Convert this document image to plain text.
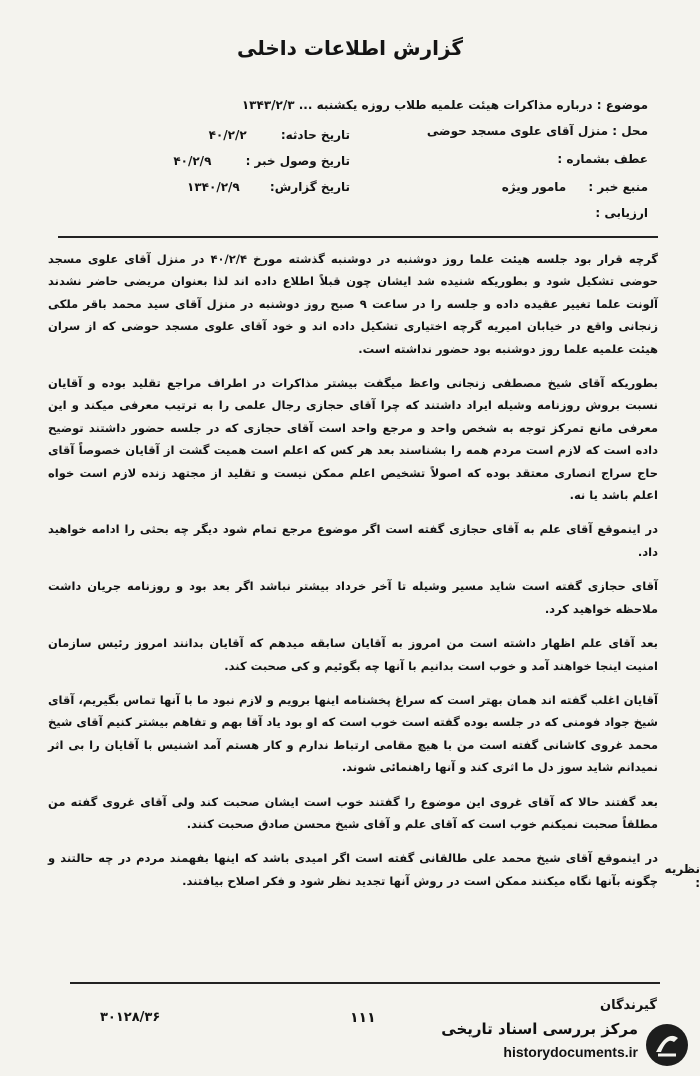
گزارش اطلاعات داخلی
موضوع : درباره مذاکرات هیئت علمیه طلاب روزه یکشنبه ... ۱۳۴۳/۲/۳
محل : منزل آقای علوی مسجد حوضی
تاریخ حادثه: ۴۰/۲/۲
عطف بشماره :
تاریخ وصول خبر : ۴۰/۲/۹
منبع خبر : مامور ویژه
تاریخ گزارش: ۱۳۴۰/۲/۹
ارزیابی :

گرچه قرار بود جلسه هیئت علما روز دوشنبه در دوشنبه گذشته مورخ ۴۰/۲/۴ در منزل آقای علوی مسجد حوضی تشکیل شود و بطوریکه شنیده شد ایشان چون قبلاً اطلاع داده اند لذا بعنوان مریضی حاضر نشدند آلونت علما تغییر عقیده داده و جلسه را در ساعت ۹ صبح روز دوشنبه در منزل آقای سید محمد باقر ملکی زنجانی واقع در خیابان امیریه گرچه اختیاری تشکیل داده اند و خود آقای علوی مسجد حوضی که از سران هیئت علمیه علما روز دوشنبه بود حضور نداشته است.

بطوریکه آقای شیخ مصطفی زنجانی واعظ میگفت بیشتر مذاکرات در اطراف مراجع تقلید بوده و آقایان نسبت بروش روزنامه وشیله ایراد داشتند که چرا آقای حجازی رجال علمی را به ترتیب معرفی میکند و این معرفی مانع تمرکز توجه به شخص واحد و مرجع واحد است آقای حجازی که در جلسه حضور داشتند توضیح داده است که لازم است مردم همه را بشناسند بعد هر کس که اعلم است همیت گشت از آقایان خصوصاً آقای حاج سراج انصاری معتقد بوده که اصولاً تشخیص اعلم ممکن نیست و تقلید از مجتهد زنده لازم است خواه اعلم باشد یا نه.

در اینموقع آقای علم به آقای حجازی گفته است اگر موضوع مرجع تمام شود دیگر چه بحثی را ادامه خواهید داد.

آقای حجازی گفته است شاید مسیر وشیله تا آخر خرداد بیشتر نباشد اگر بعد بود و روزنامه جریان داشت ملاحظه خواهید کرد.

بعد آقای علم اظهار داشته است من امروز به آقایان سابقه میدهم که آقایان بدانند امروز رئیس سازمان امنیت اینجا خواهند آمد و خوب است بدانیم با آنها چه بگوئیم و کی صحبت کند.

آقایان اغلب گفته اند همان بهتر است که سراغ پخشنامه اینها برویم و لازم نبود ما با آنها تماس بگیریم، آقای شیخ جواد فومنی که در جلسه بوده گفته است خوب است که او بود یاد آقا بهم و تفاهم بیشتر کنیم آقای شیخ محمد غروی کاشانی گفته است من با هیچ مقامی ارتباط ندارم و کار هستم آمد اشنیس با آقایان را بی اثر نمیدانم شاید سوز دل ما اثری کند و آنها راهنمائی شوند.

بعد گفتند حالا که آقای غروی این موضوع را گفتند خوب است ایشان صحبت کند ولی آقای غروی گفته من مطلقاً صحبت نمیکنم خوب است که آقای علم و آقای شیخ محسن صادق صحبت کنند.

در اینموقع آقای شیخ محمد علی طالقانی گفته است اگر امیدی باشد که اینها بفهمند مردم در چه حالتند و چگونه بآنها نگاه میکنند ممکن است در روش آنها تجدید نظر شود و فکر اصلاح بیافتند.

نظریه :
۳۰۱۲۸/۳۶	۱۱۱
گیرندگان
مرکز بررسی اسناد تاریخی
historydocuments.ir
